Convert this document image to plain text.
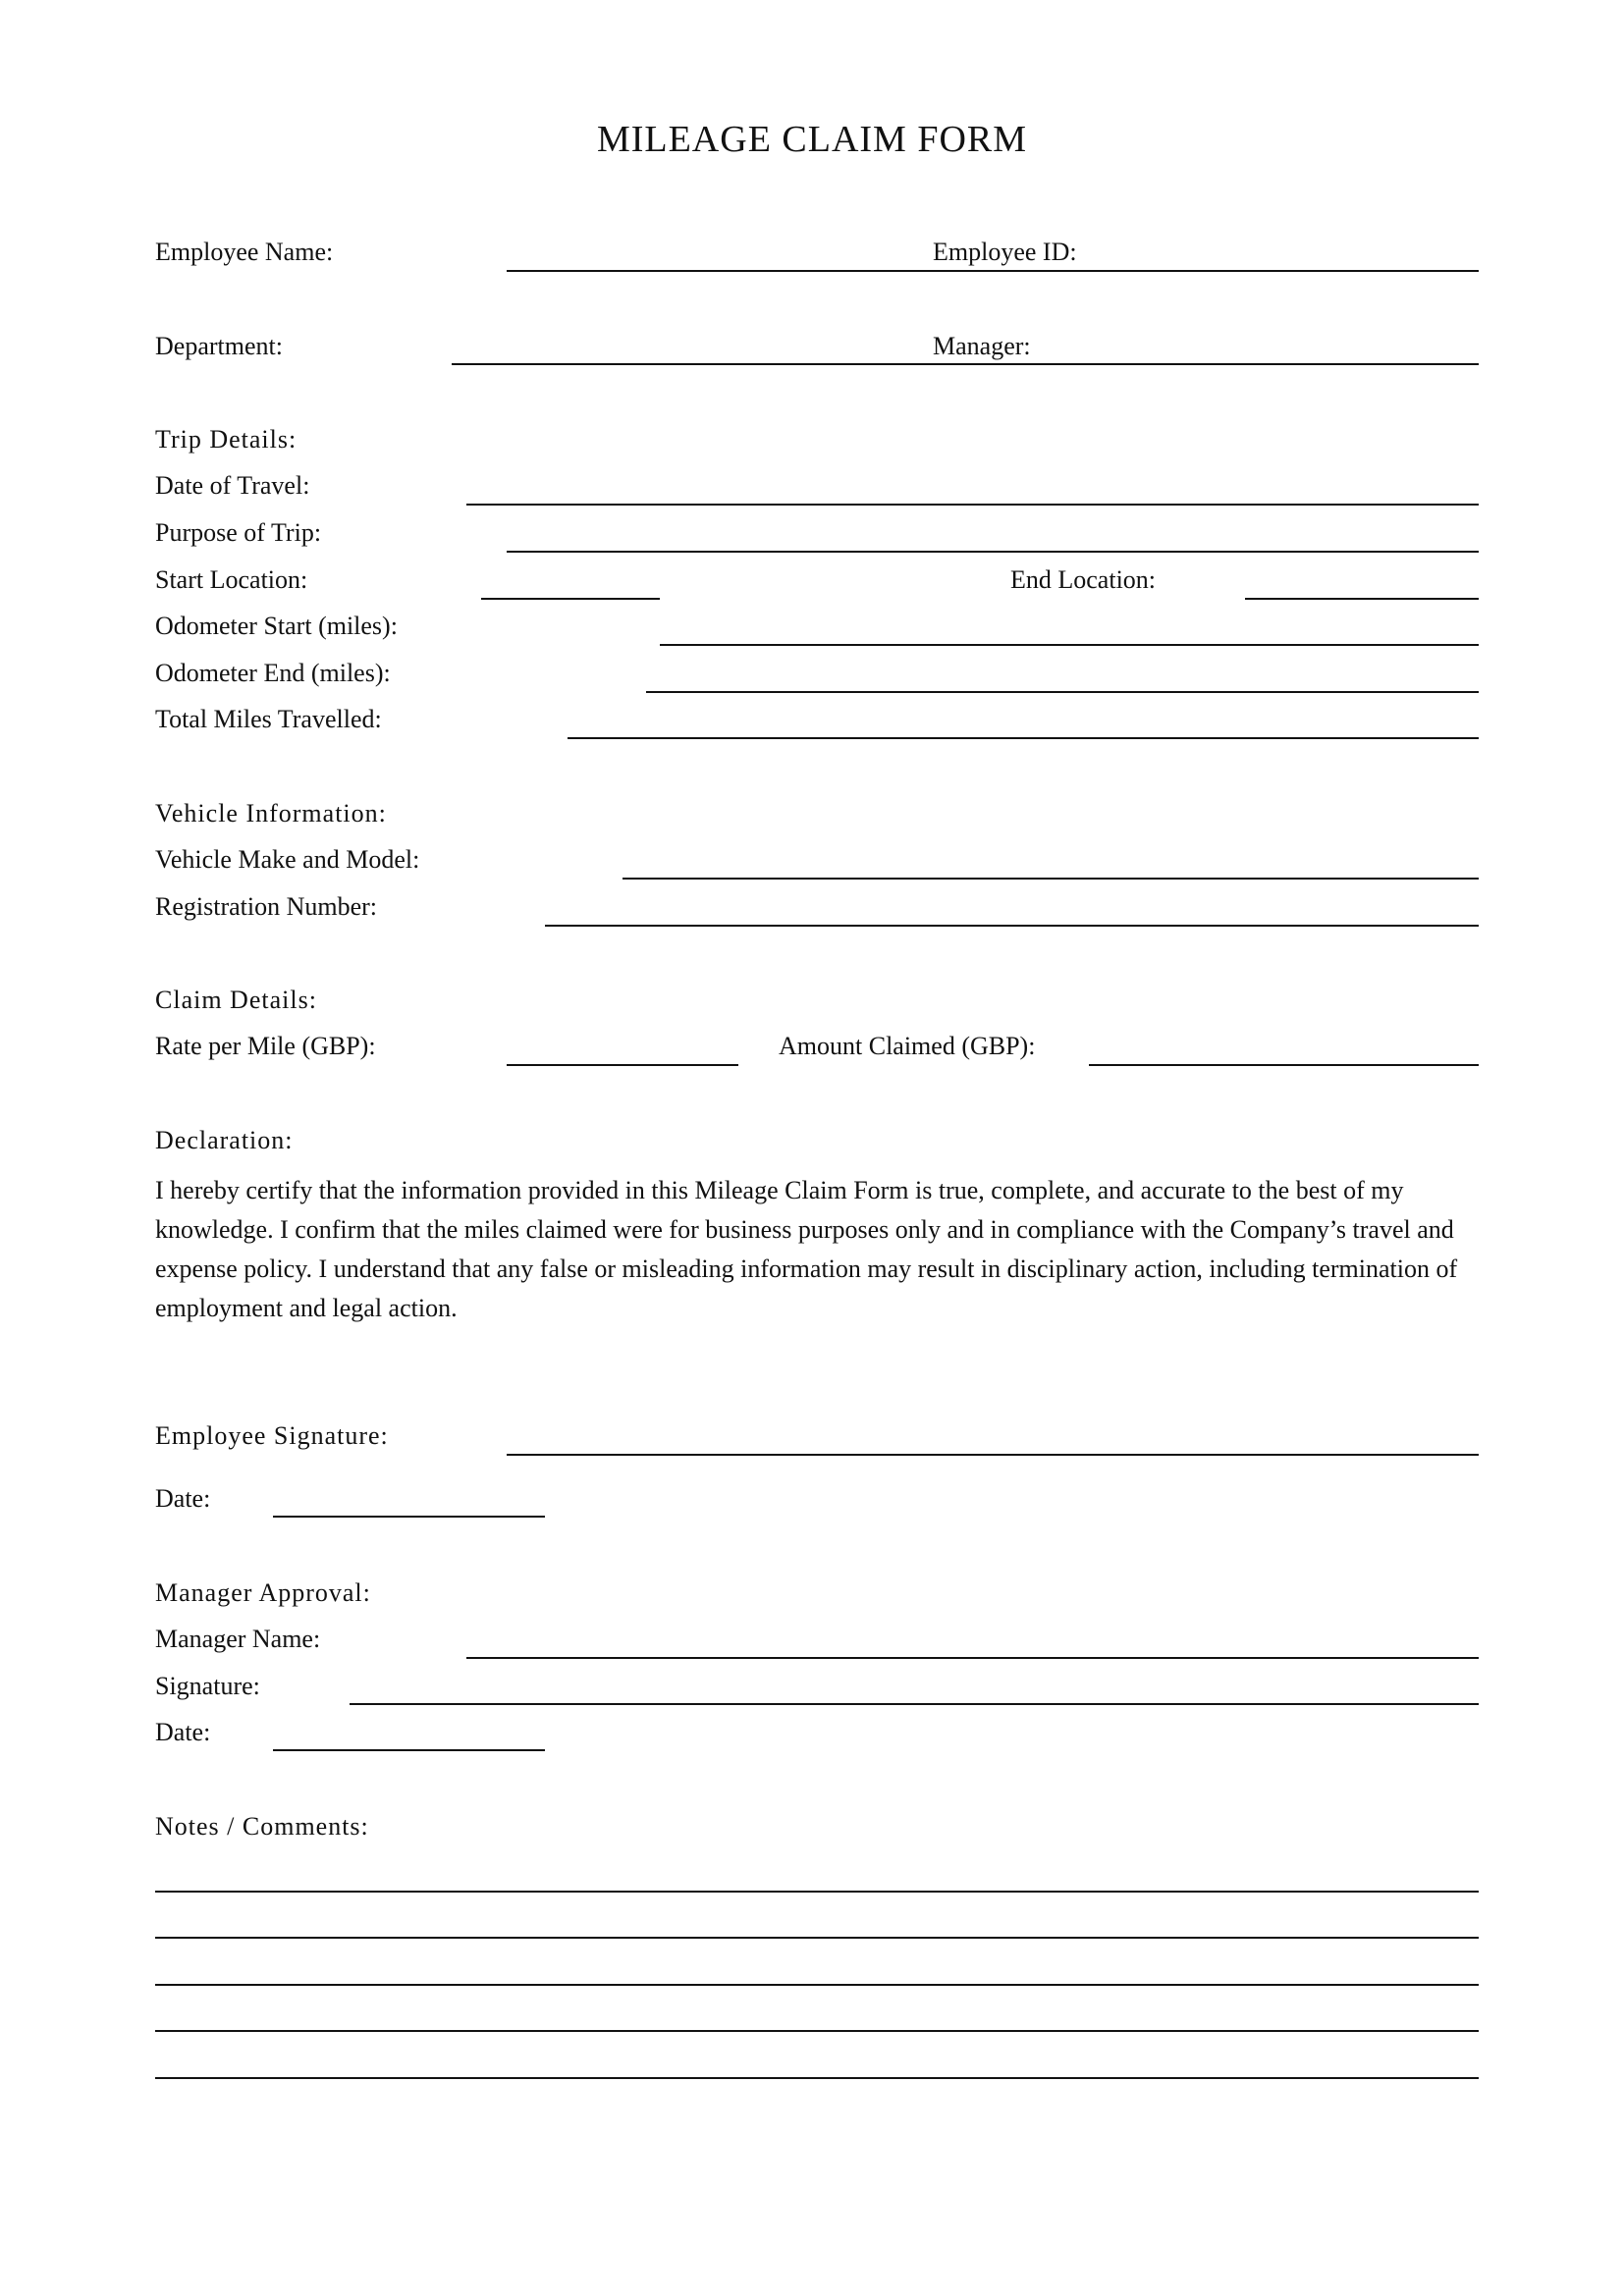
MILEAGE CLAIM FORM
Employee Name:	Employee ID:
Department:	Manager:
Trip Details:
Date of Travel:
Purpose of Trip:
Start Location:	End Location:
Odometer Start (miles):
Odometer End (miles):
Total Miles Travelled:
Vehicle Information:
Vehicle Make and Model:
Registration Number:
Claim Details:
Rate per Mile (GBP):	Amount Claimed (GBP):
Declaration:
I hereby certify that the information provided in this Mileage Claim Form is true, complete, and accurate to the best of my knowledge. I confirm that the miles claimed were for business purposes only and in compliance with the Company’s travel and expense policy. I understand that any false or misleading information may result in disciplinary action, including termination of employment and legal action.
Employee Signature:
Date:
Manager Approval:
Manager Name:
Signature:
Date:
Notes / Comments:
